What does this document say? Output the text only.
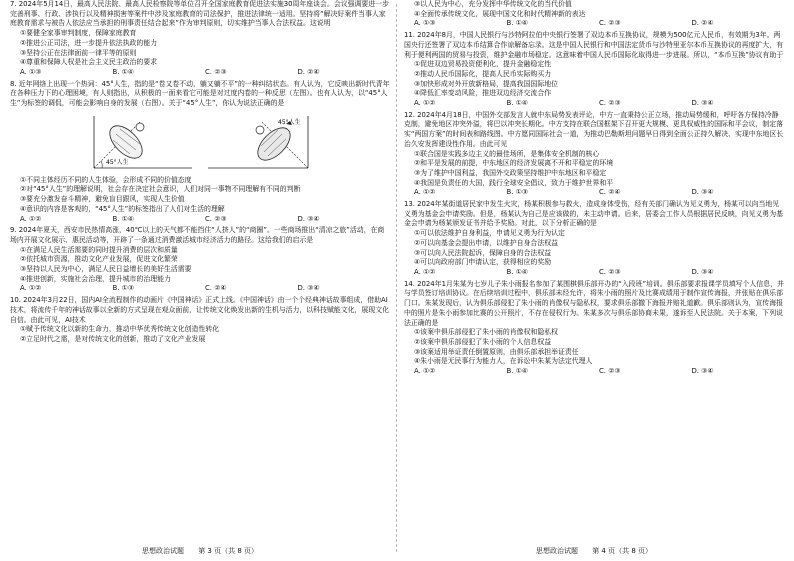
7. 2024年5月14日，最高人民法院、最高人民检察院等单位召开全国家庭教育促进法实施30周年座谈会。会议强调要进一步完善刑事、行政、涉执行以及精神损害等案件中涉及家庭教育的司法保护，推进法律统一适用。坚持将“解决好案件当事人家庭教育需求与被告人依法应当承担的刑事责任结合起来”作为审判原则，切实维护当事人合法权益。这说明

①要健全家事审判制度，保障家庭教育

②推进公正司法，进一步提升依法执政的能力

③坚持公正在法律面前一律平等的原则

④尊重和保障人权是社会主义民主政治的要求

A. ①③	B. ①④	C. ②③	D. ②④

8. 近年网络上出现一个热词：45°人生，指的是“卷又卷不动，躺又躺不平”的一种纠结状态。有人认为，它反映出新时代青年在各种压力下的心理困境，有人则指出，从积极的一面来看它可能是对过度内卷的一种反思（左图）。也有人认为，以“45°人生”为标签的调侃，可能会影响自身的发展（右图）。关于“45°人生”，你认为说法正确的是

45°人生
45°人生

①不同主体经历不同的人生体验，会形成不同的价值态度

②对“45°人生”的理解说明，社会存在决定社会意识，人们对同一事物不同理解有不同的判断

③要充分激发奋斗精神，避免盲目跟风，实现人生价值

④意识的内容是客观的，“45°人生”的标签指出了人们对生活的理解

A. ①②	B. ①④	C. ②③	D. ③④

9. 2024年夏天，西安市民热情高涨，40℃以上的天气都不能挡住“人挤人”的“商圈”。一些商场推出“清凉之旅”活动，在商场内开展文化展示、惠民活动等，开辟了一条通过消费激活城市经济活力的路径。这给我们的启示是

①在满足人民生活需要的同时提升消费的层次和质量

②依托城市资源，推动文化产业发展，促进文化繁荣

③坚持以人民为中心，满足人民日益增长的美好生活需要

④推进创新，实施社会治理，提升城市的治理能力

A. ①②	B. ①③	C. ②④	D. ③④

10. 2024年3月22日，国内AI全流程制作的动画片《中国神话》正式上线。《中国神话》由一个个经典神话故事组成，借助AI技术，将流传千年的神话故事以全新的方式呈现在观众面前，让传统文化焕发出新的生机与活力，以科技赋能文化，展现文化自信。由此可见，AI技术

①赋予传统文化以新的生命力，推动中华优秀传统文化创造性转化

②立足时代之需，是对传统文化的创新，推动了文化产业发展

思想政治试题 第 3 页（共 8 页）

③以人民为中心，充分发挥中华传统文化的当代价值

④全面传承传统文化，展现中国文化和时代精神新的表达

A. ①③	B. ①④	C. ②③	D. ②④

11. 2024年8月，中国人民银行与沙特阿拉伯中央银行签署了双边本币互换协议，规模为500亿元人民币，有效期为3年。两国央行还签署了双边本币结算合作谅解备忘录。这是中国人民银行和中国法定货币与沙特里亚尔本币互换协议的再度扩大，有利于便利两国的贸易与投资，维护金融市场稳定。这意味着中国人民币国际化取得进一步进展。所以，“本币互换”协议有助于

①促进双边贸易投资便利化，提升金融稳定性

②推动人民币国际化，提高人民币实际购买力

③加快形成对外开放新格局，提高我国国际地位

④降低汇率变动风险，推进双边经济交流合作

A. ①②	B. ①④	C. ②③	D. ③④

12. 2024年4月18日，中国外交部发言人就中东局势发表评论，中方一直秉持公正立场，推动局势缓和，呼吁各方保持冷静克制，避免地区冲突外溢，将巴以冲突长期化。中方支持在联合国框架下召开更大规模、更具权威性的国际和平会议，制定落实“两国方案”的时间表和路线图。中方愿同国际社会一道，为推动巴勒斯坦问题早日得到全面公正持久解决、实现中东地区长治久安发挥建设性作用。由此可见

①联合国是实践多边主义的最佳场所，是集体安全机制的核心

②和平是发展的前提，中东地区的经济发展离不开和平稳定的环境

③为了维护中国利益，我国外交政策坚持维护中东地区和平稳定

④我国是负责任的大国，践行全球安全倡议，致力于维护世界和平

A. ①②	B. ①③	C. ②④	D. ③④

13. 2024年某街道居民家中发生火灾，杨某积极参与救火，造成身体受伤，经有关部门确认为见义勇为，杨某可以向当地见义勇为基金会申请奖励。但是，杨某认为自己是应该做的，未主动申请。后来，居委会工作人员根据居民反映，向见义勇为基金会申请为杨某颁发证书并给予奖励。对此，以下分析正确的是

①可以依法维护自身利益，申请见义勇为行为认定

②可以向基金会提出申请，以维护自身合法权益

③可以向人民法院起诉，保障自身的合法权益

④可以向政府部门申请认定，获得相应的奖励

A. ①②	B. ①④	C. ②③	D. ③④

14. 2024年1月朱某为七岁儿子朱小雨报名参加了某围棋俱乐部开办的“入段班”培训。俱乐部要求报课学员填写个人信息，并与学员签订培训协议。在后续培训过程中，俱乐部未经允许，将朱小雨的照片及比赛成绩用于制作宣传海报，并张贴在俱乐部门口。朱某发现后，认为俱乐部侵犯了朱小雨的肖像权与隐私权，要求俱乐部撤下海报并赔礼道歉。俱乐部则认为，宣传海报中的照片是朱小雨参加比赛的公开照片，不存在侵权行为。朱某多次与俱乐部协商未果，遂诉至人民法院。关于本案，下列说法正确的是

①该案中俱乐部侵犯了朱小雨的肖像权和隐私权

②该案中俱乐部侵犯了朱小雨的个人信息权益

③该案适用举证责任倒置原则，由俱乐部承担举证责任

④朱小雨是无民事行为能力人，在诉讼中朱某为法定代理人

A. ①②	B. ①④	C. ②③	D. ③④
思想政治试题 第 4 页（共 8 页）
